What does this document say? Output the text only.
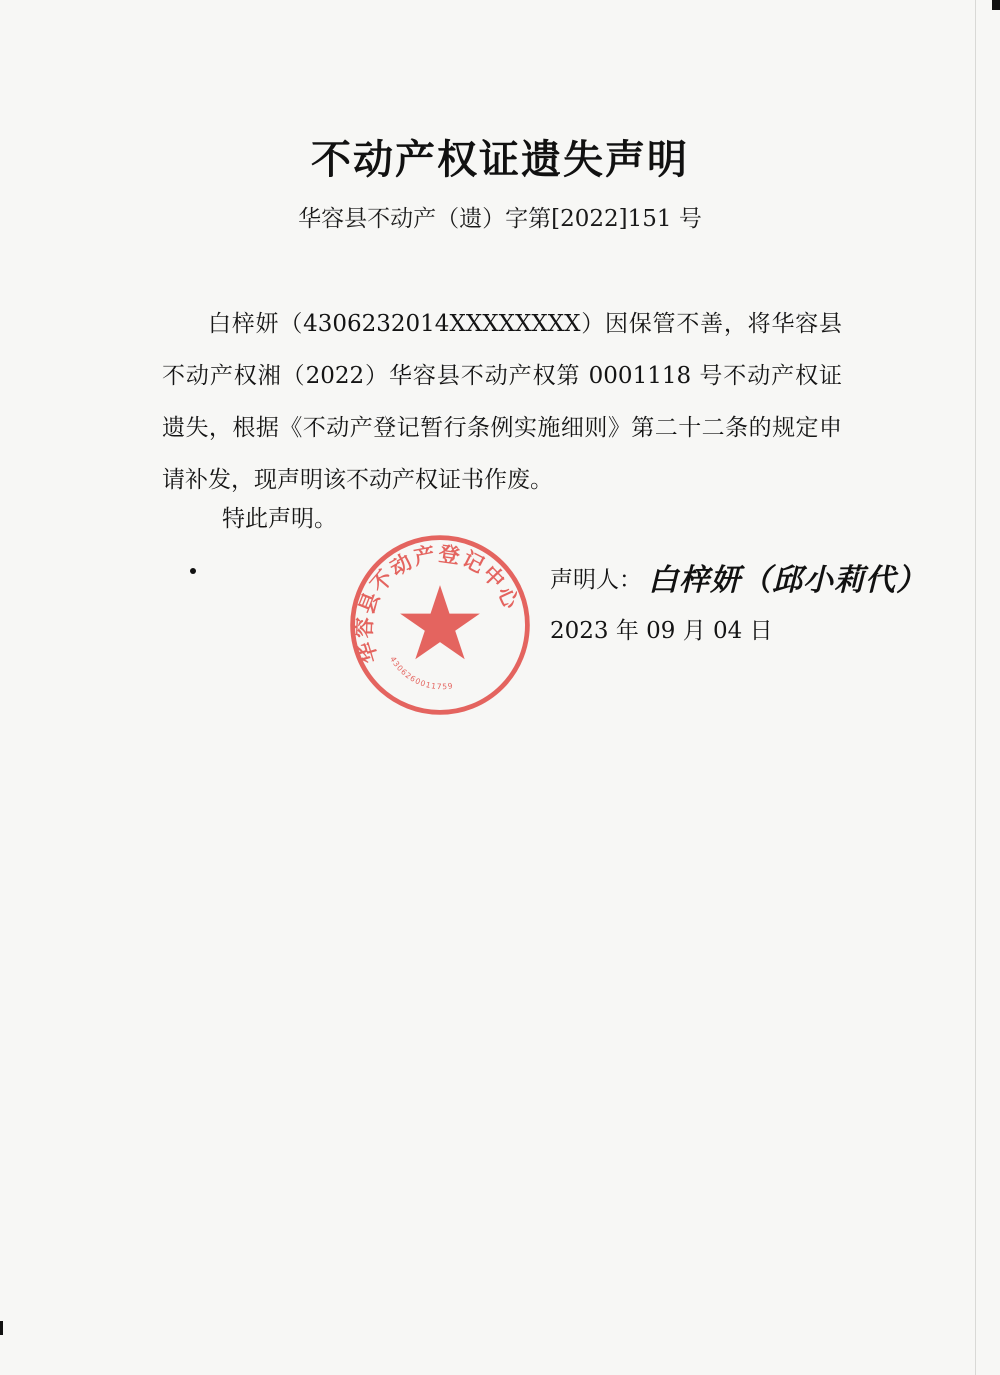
不动产权证遗失声明
华容县不动产（遗）字第[2022]151 号

白梓妍（4306232014XXXXXXXX）因保管不善，将华容县不动产权湘（2022）华容县不动产权第 0001118 号不动产权证遗失，根据《不动产登记暂行条例实施细则》第二十二条的规定申请补发，现声明该不动产权证书作废。

特此声明。

华容县不动产登记中心
4306260011759
声明人： 白梓妍（邱小莉代）
2023 年 09 月 04 日
